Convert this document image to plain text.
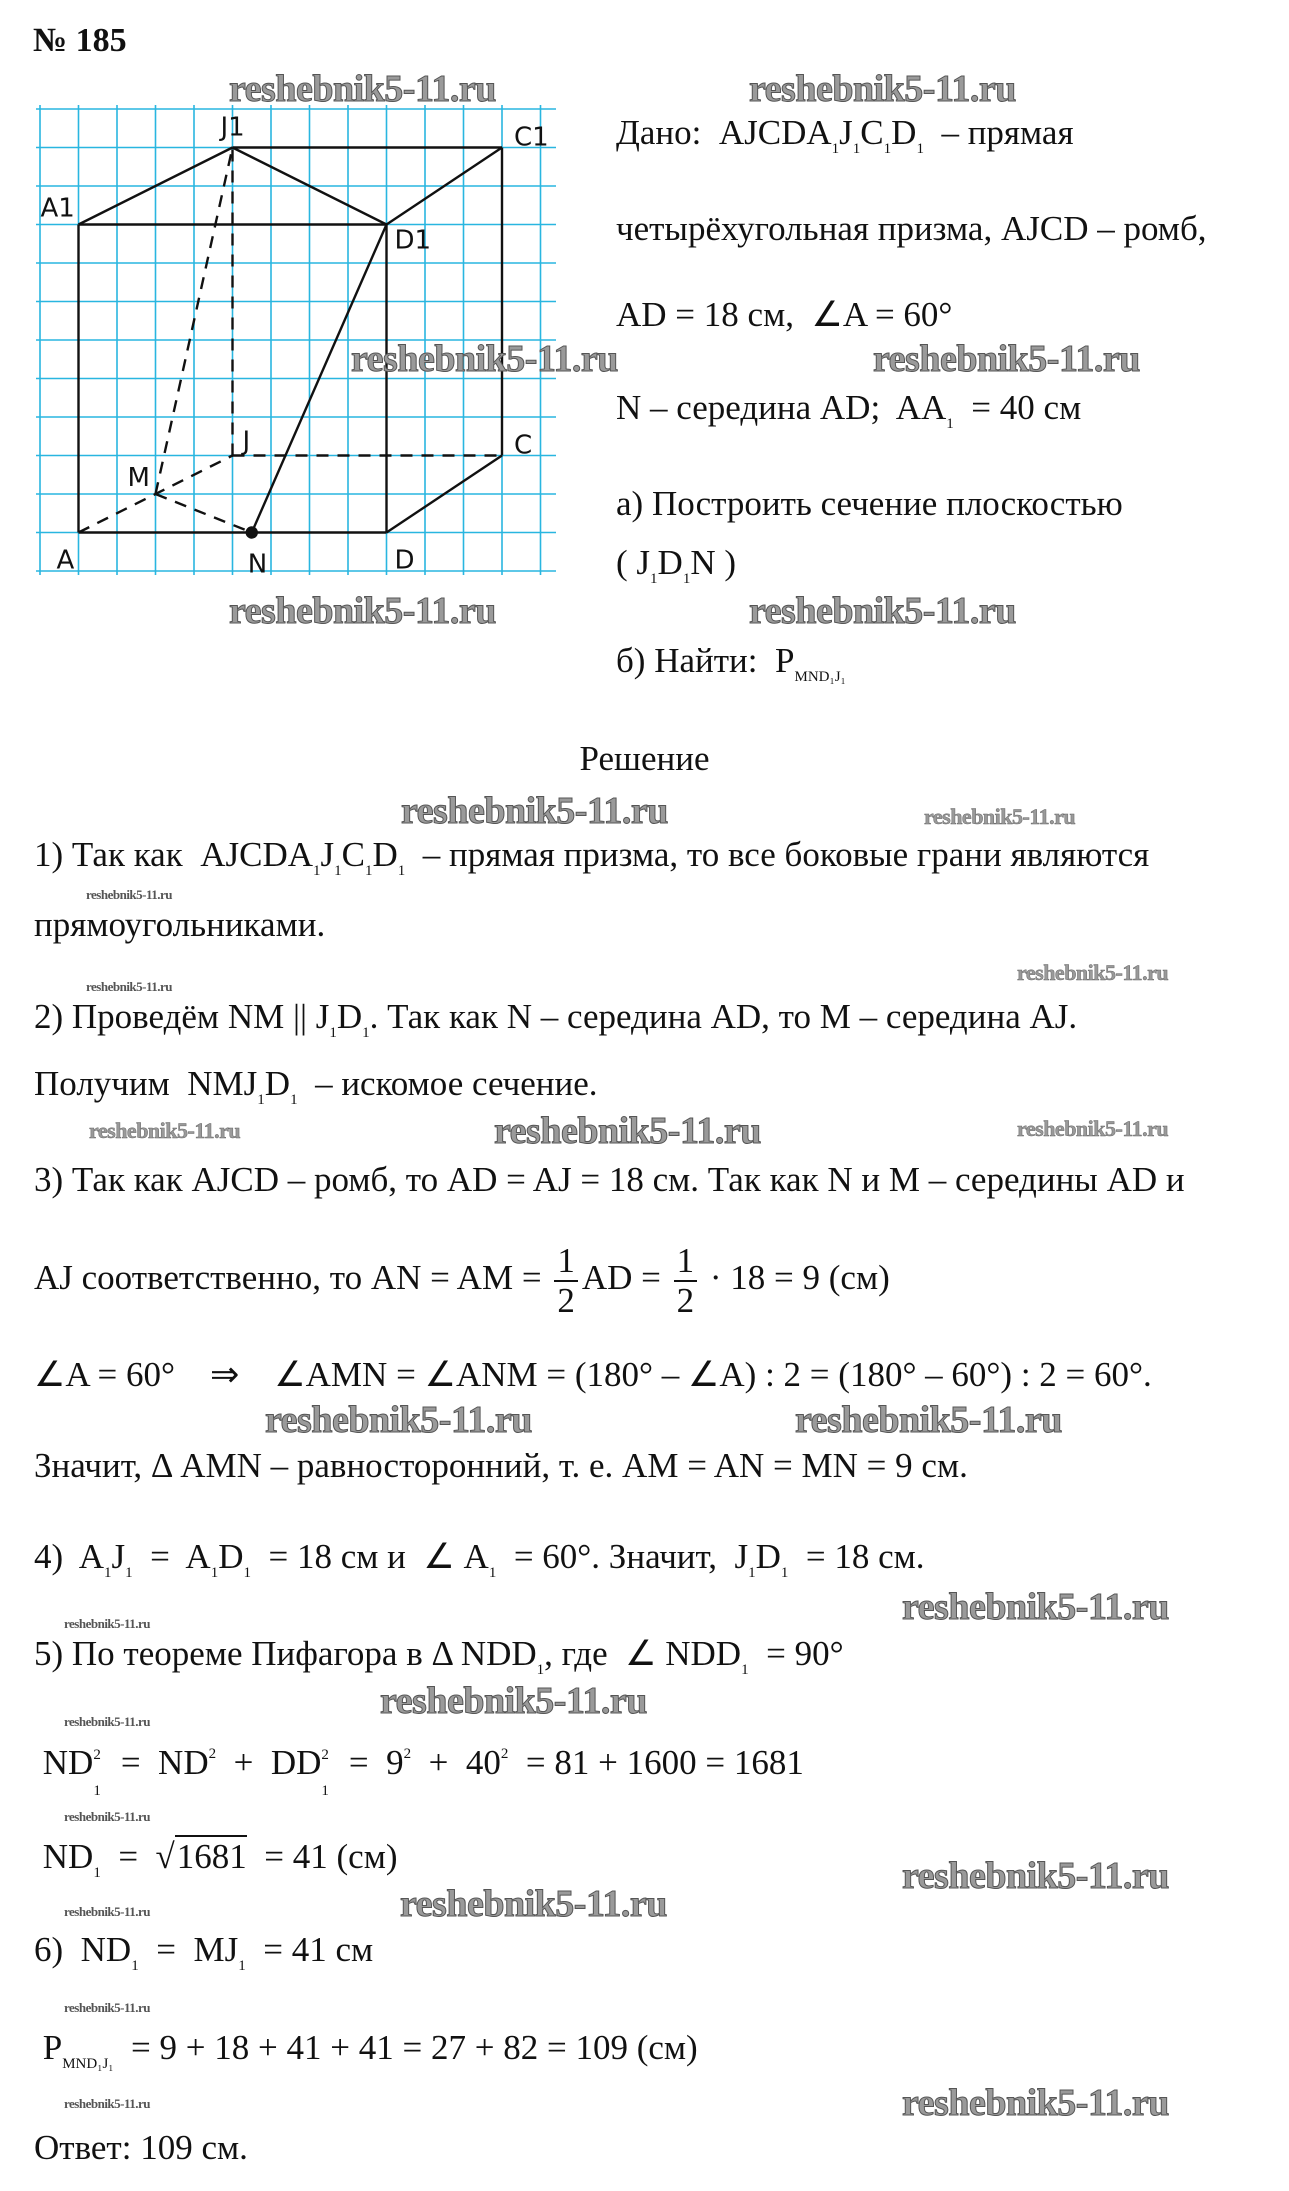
№ 185
A	D
N
J	C
M
A1
D1
J1	C1 Дано:  $AJCDA_1J_1C_1D_1$  – прямая
четырёхугольная призма, AJCD – ромб,
AD = 18 см,  ∠A = 60°
N – середина AD;  $AA_1 = 40$ см
а) Построить сечение плоскостью
( $J_1D_1N$ )
б) Найти:  $P_{MND_1J_1}$
Решение
1) Так как  $AJCDA_1J_1C_1D_1$  – прямая призма, то все боковые грани являются
прямоугольниками.
2) Проведём NM || $J_1D_1$. Так как N – середина AD, то M – середина AJ.
Получим  $NMJ_1D_1$  – искомое сечение.
3) Так как AJCD – ромб, то AD = AJ = 18 см. Так как N и M – середины AD и
AJ соответственно, то AN = AM = $\frac{1}{2}$ AD = $\frac{1}{2} \cdot 18 = 9$ (см)
∠A = 60°    ⇒    ∠AMN = ∠ANM = (180° – ∠A) : 2 = (180° – 60°) : 2 = 60°.
Значит, Δ AMN – равносторонний, т. е. AM = AN = MN = 9 см.
4)  $A_1J_1 = A_1D_1 = 18$ см и  ∠ $A_1 = 60^\circ$. Значит,  $J_1D_1 = 18$ см.
5) По теореме Пифагора в Δ $NDD_1$, где  ∠ $NDD_1 = 90^\circ$
ND
1
$2 = ND^2$  +  DD
1
$2 = 9^2 + 40^2 = 81 + 1600 = 1681$
$ND_1 = √1681 = 41$ (см)
6)  $ND_1 = MJ_1 = 41$ см
$P_{MND_1J_1} = 9 + 18 + 41 + 41 = 27 + 82 = 109$ (см)
Ответ: 109 см.
reshebnik5-11.ru	reshebnik5-11.ru
reshebnik5-11.ru	reshebnik5-11.ru
reshebnik5-11.ru	reshebnik5-11.ru
reshebnik5-11.ru
reshebnik5-11.ru
reshebnik5-11.ru	reshebnik5-11.ru
reshebnik5-11.ru
reshebnik5-11.ru
reshebnik5-11.ru
reshebnik5-11.ru
reshebnik5-11.ru
reshebnik5-11.ru
reshebnik5-11.ru
reshebnik5-11.ru
reshebnik5-11.ru
reshebnik5-11.ru
reshebnik5-11.ru
reshebnik5-11.ru
reshebnik5-11.ru
reshebnik5-11.ru
reshebnik5-11.ru
reshebnik5-11.ru
reshebnik5-11.ru
